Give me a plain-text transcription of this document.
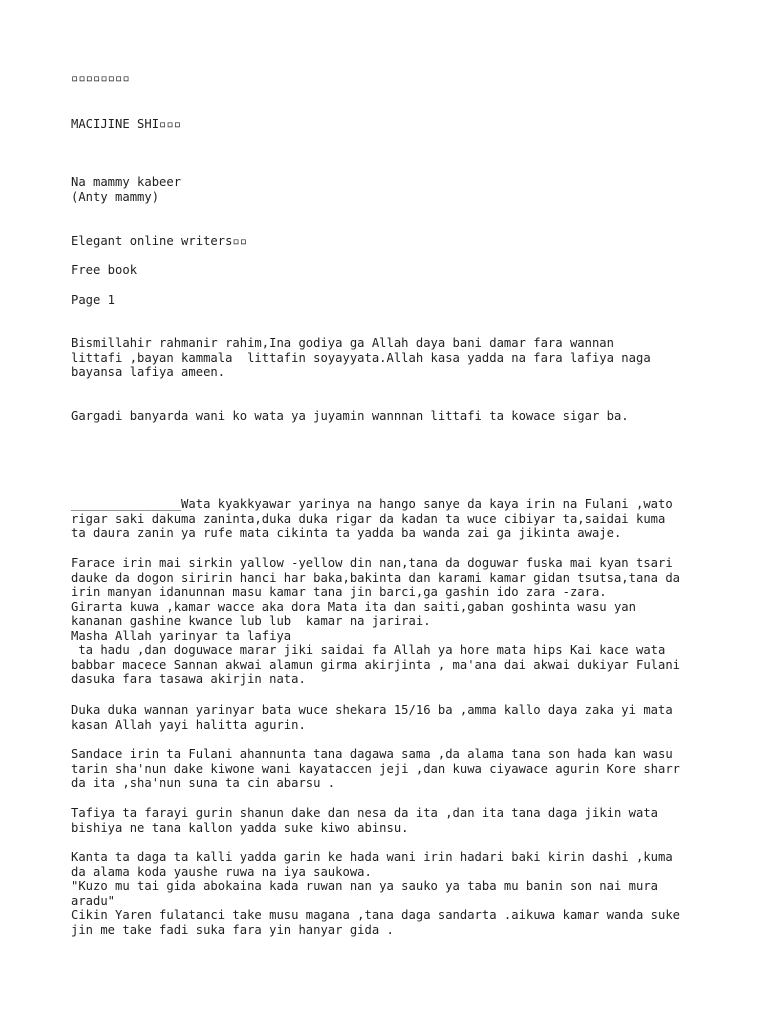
▫▫▫▫▫▫▫▫
MACIJINE SHI▫▫▫
Na mammy kabeer
(Anty mammy)
Elegant online writers▫▫
Free book
Page 1
Bismillahir rahmanir rahim,Ina godiya ga Allah daya bani damar fara wannan
littafi ,bayan kammala  littafin soyayyata.Allah kasa yadda na fara lafiya naga
bayansa lafiya ameen.
Gargadi banyarda wani ko wata ya juyamin wannnan littafi ta kowace sigar ba.
_______________Wata kyakkyawar yarinya na hango sanye da kaya irin na Fulani ,wato
rigar saki dakuma zaninta,duka duka rigar da kadan ta wuce cibiyar ta,saidai kuma
ta daura zanin ya rufe mata cikinta ta yadda ba wanda zai ga jikinta awaje.
Farace irin mai sirkin yallow -yellow din nan,tana da doguwar fuska mai kyan tsari
dauke da dogon siririn hanci har baka,bakinta dan karami kamar gidan tsutsa,tana da
irin manyan idanunnan masu kamar tana jin barci,ga gashin ido zara -zara.
Girarta kuwa ,kamar wacce aka dora Mata ita dan saiti,gaban goshinta wasu yan
kananan gashine kwance lub lub  kamar na jarirai.
Masha Allah yarinyar ta lafiya
ta hadu ,dan doguwace marar jiki saidai fa Allah ya hore mata hips Kai kace wata
babbar macece Sannan akwai alamun girma akirjinta , ma'ana dai akwai dukiyar Fulani
dasuka fara tasawa akirjin nata.
Duka duka wannan yarinyar bata wuce shekara 15/16 ba ,amma kallo daya zaka yi mata
kasan Allah yayi halitta agurin.
Sandace irin ta Fulani ahannunta tana dagawa sama ,da alama tana son hada kan wasu
tarin sha'nun dake kiwone wani kayataccen jeji ,dan kuwa ciyawace agurin Kore sharr
da ita ,sha'nun suna ta cin abarsu .
Tafiya ta farayi gurin shanun dake dan nesa da ita ,dan ita tana daga jikin wata
bishiya ne tana kallon yadda suke kiwo abinsu.
Kanta ta daga ta kalli yadda garin ke hada wani irin hadari baki kirin dashi ,kuma
da alama koda yaushe ruwa na iya saukowa.
"Kuzo mu tai gida abokaina kada ruwan nan ya sauko ya taba mu banin son nai mura
aradu"
Cikin Yaren fulatanci take musu magana ,tana daga sandarta .aikuwa kamar wanda suke
jin me take fadi suka fara yin hanyar gida .
